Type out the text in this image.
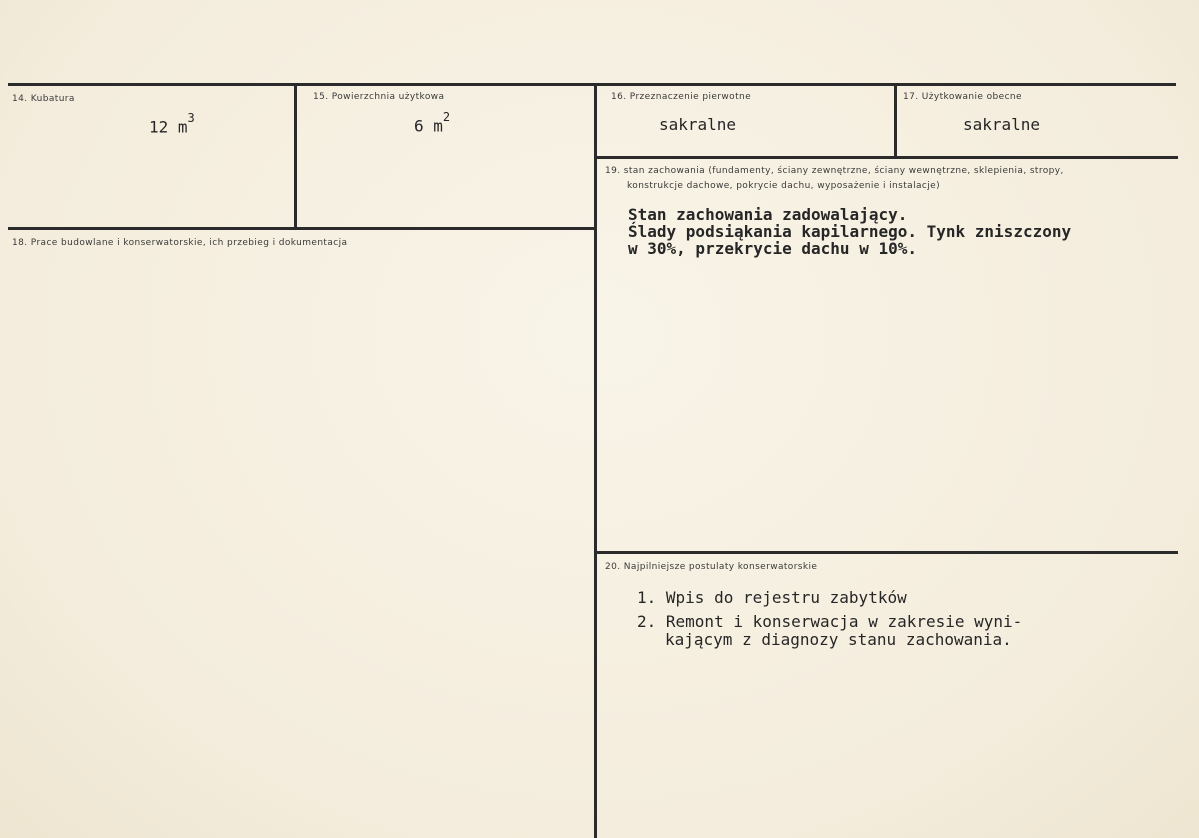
14. Kubatura
12 $m^3$
15. Powierzchnia użytkowa
6 $m^2$
16. Przeznaczenie pierwotne
sakralne
17. Użytkowanie obecne
sakralne
18. Prace budowlane i konserwatorskie, ich przebieg i dokumentacja
19. stan zachowania (fundamenty, ściany zewnętrzne, ściany wewnętrzne, sklepienia, stropy,
konstrukcje dachowe, pokrycie dachu, wyposażenie i instalacje)
Stan zachowania zadowalający.
Ślady podsiąkania kapilarnego. Tynk zniszczony
w 30%, przekrycie dachu w 10%.
20. Najpilniejsze postulaty konserwatorskie
1. Wpis do rejestru zabytków
2. Remont i konserwacja w zakresie wyni-
kającym z diagnozy stanu zachowania.
